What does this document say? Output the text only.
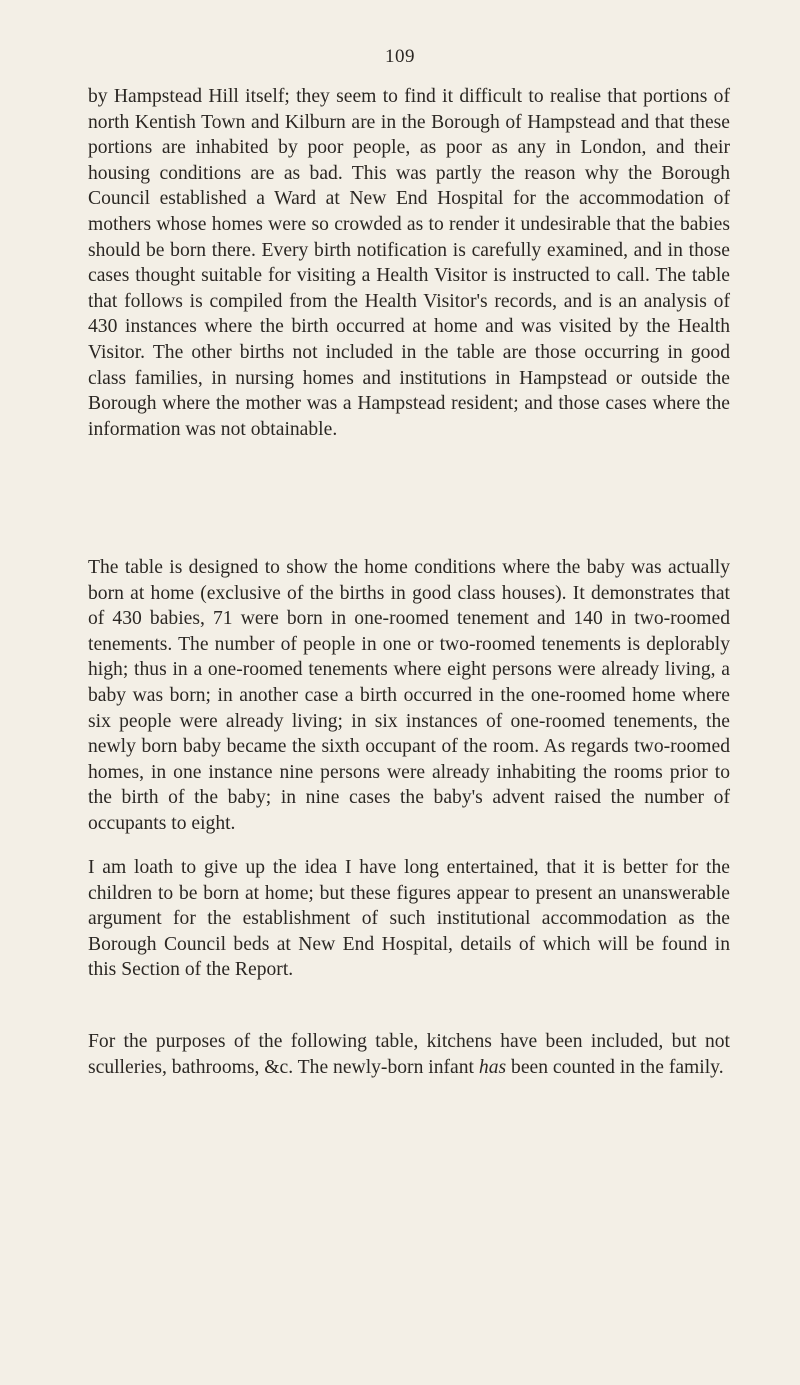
109

by Hampstead Hill itself; they seem to find it difficult to realise that portions of north Kentish Town and Kilburn are in the Borough of Hampstead and that these portions are inhabited by poor people, as poor as any in London, and their housing conditions are as bad. This was partly the reason why the Borough Council established a Ward at New End Hospital for the accommodation of mothers whose homes were so crowded as to render it undesirable that the babies should be born there. Every birth notification is carefully examined, and in those cases thought suitable for visiting a Health Visitor is instructed to call. The table that follows is compiled from the Health Visitor's records, and is an analysis of 430 instances where the birth occurred at home and was visited by the Health Visitor. The other births not included in the table are those occurring in good class families, in nursing homes and institutions in Hampstead or outside the Borough where the mother was a Hampstead resident; and those cases where the information was not obtainable.

The table is designed to show the home conditions where the baby was actually born at home (exclusive of the births in good class houses). It demonstrates that of 430 babies, 71 were born in one-roomed tenement and 140 in two-roomed tenements. The number of people in one or two-roomed tenements is deplorably high; thus in a one-roomed tenements where eight persons were already living, a baby was born; in another case a birth occurred in the one-roomed home where six people were already living; in six instances of one-roomed tenements, the newly born baby became the sixth occupant of the room. As regards two-roomed homes, in one instance nine persons were already inhabiting the rooms prior to the birth of the baby; in nine cases the baby's advent raised the number of occupants to eight.

I am loath to give up the idea I have long entertained, that it is better for the children to be born at home; but these figures appear to present an unanswerable argument for the establishment of such institutional accommodation as the Borough Council beds at New End Hospital, details of which will be found in this Section of the Report.

For the purposes of the following table, kitchens have been included, but not sculleries, bathrooms, &c. The newly-born infant has been counted in the family.
